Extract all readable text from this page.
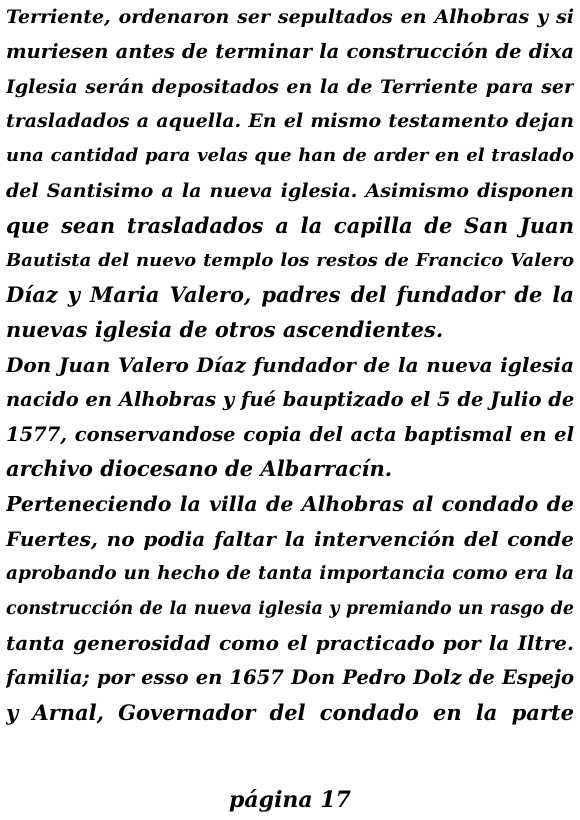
Terriente, ordenaron ser sepultados en Alhobras y si
muriesen antes de terminar la construcción de dixa
Iglesia serán depositados en la de Terriente para ser
trasladados a aquella. En el mismo testamento dejan
una cantidad para velas que han de arder en el traslado
del Santisimo a la nueva iglesia. Asimismo disponen
que sean trasladados a la capilla de San Juan
Bautista del nuevo templo los restos de Francico Valero
Díaz y Maria Valero, padres del fundador de la
nuevas iglesia de otros ascendientes.
Don Juan Valero Díaz fundador de la nueva iglesia
nacido en Alhobras y fué bauptizado el 5 de Julio de
1577, conservandose copia del acta baptismal en el
archivo diocesano de Albarracín.
Perteneciendo la villa de Alhobras al condado de
Fuertes, no podia faltar la intervención del conde
aprobando un hecho de tanta importancia como era la
construcción de la nueva iglesia y premiando un rasgo de
tanta generosidad como el practicado por la Iltre.
familia; por esso en 1657 Don Pedro Dolz de Espejo
y Arnal, Governador del condado en la parte
página 17
